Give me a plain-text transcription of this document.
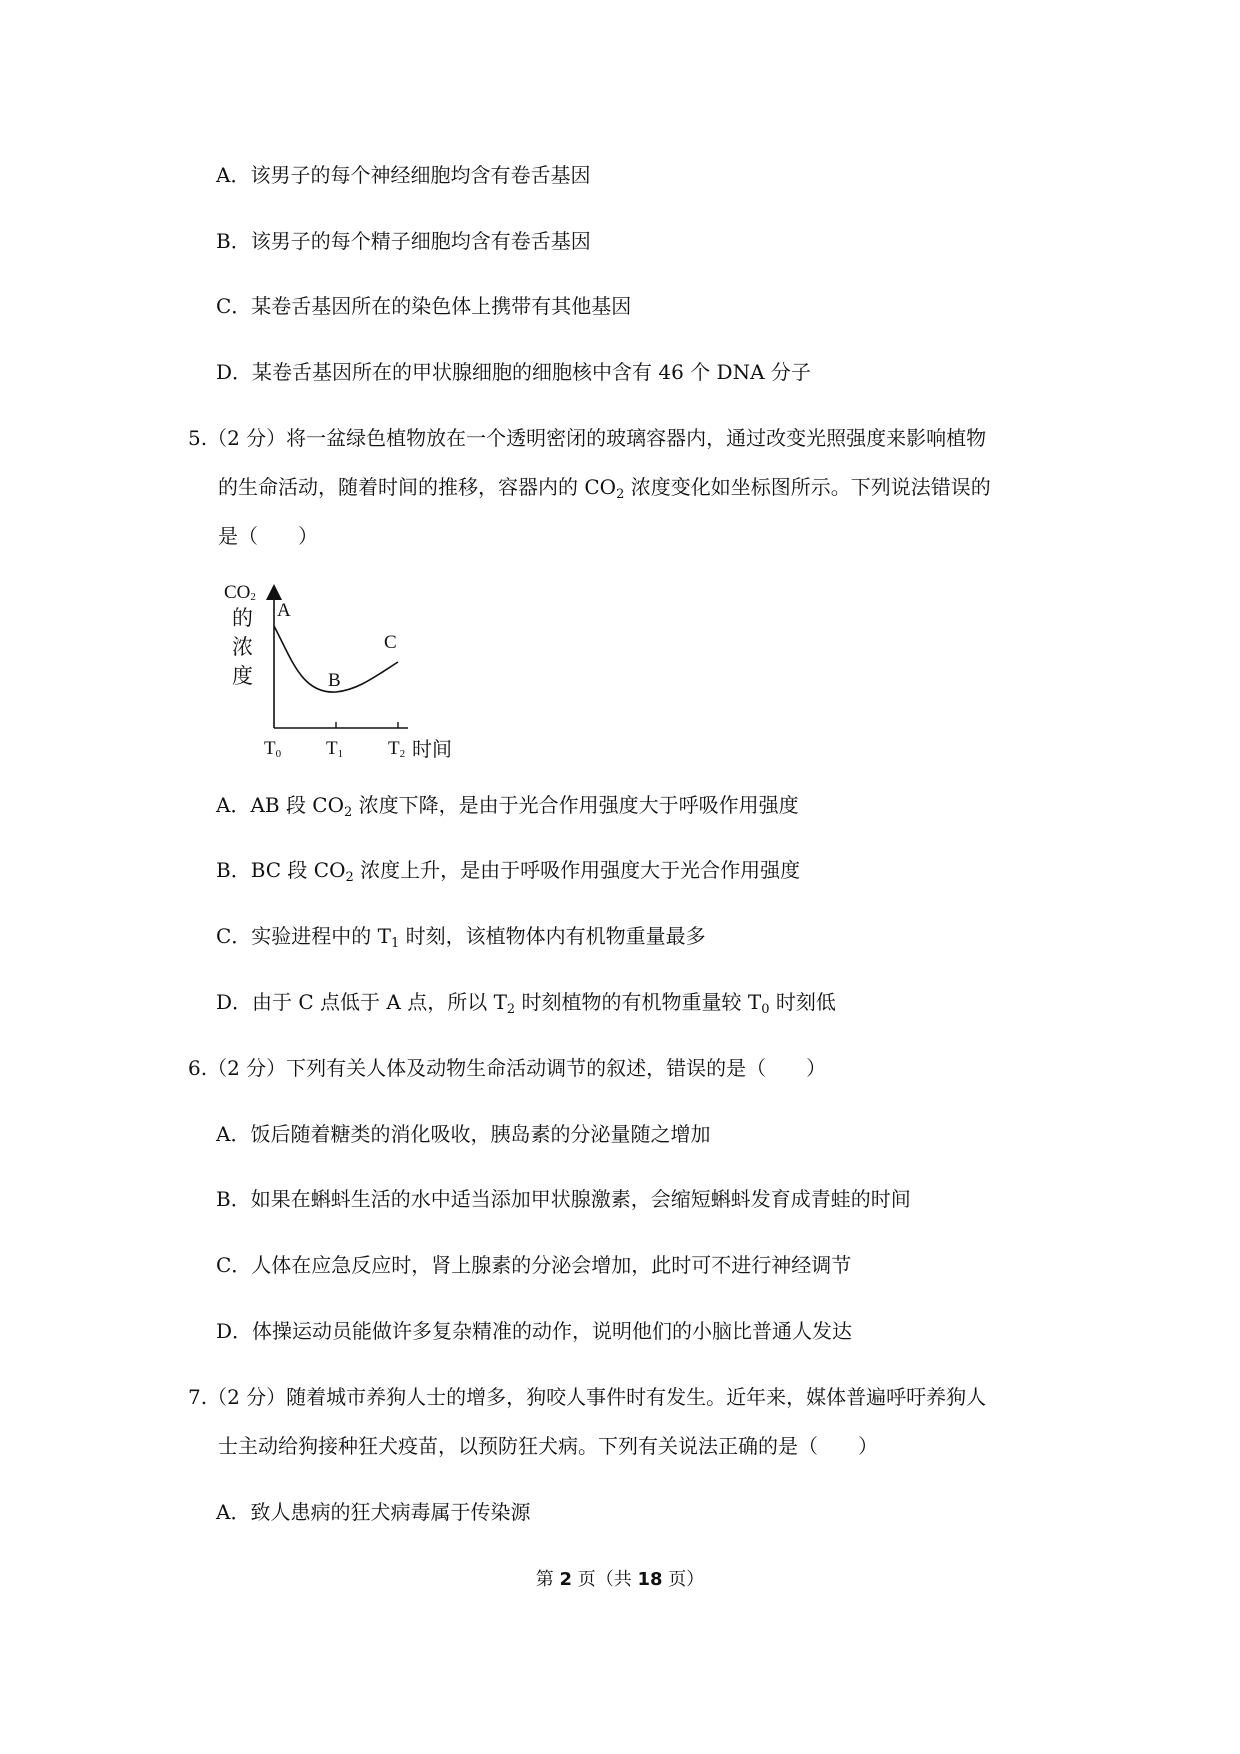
A．该男子的每个神经细胞均含有卷舌基因

B．该男子的每个精子细胞均含有卷舌基因

C．某卷舌基因所在的染色体上携带有其他基因

D．某卷舌基因所在的甲状腺细胞的细胞核中含有 46 个 DNA 分子

5.（2 分）将一盆绿色植物放在一个透明密闭的玻璃容器内，通过改变光照强度来影响植物

的生命活动，随着时间的推移，容器内的 $CO_2$ 浓度变化如坐标图所示。下列说法错误的

是（　　）

CO2
的
浓
度
A
B
C
T0 T1 T2 时间

A．AB 段 $CO_2$ 浓度下降，是由于光合作用强度大于呼吸作用强度

B．BC 段 $CO_2$ 浓度上升，是由于呼吸作用强度大于光合作用强度

C．实验进程中的 $T_1$ 时刻，该植物体内有机物重量最多

D．由于 C 点低于 A 点，所以 $T_2$ 时刻植物的有机物重量较 $T_0$ 时刻低

6.（2 分）下列有关人体及动物生命活动调节的叙述，错误的是（　　）

A．饭后随着糖类的消化吸收，胰岛素的分泌量随之增加

B．如果在蝌蚪生活的水中适当添加甲状腺激素，会缩短蝌蚪发育成青蛙的时间

C．人体在应急反应时，肾上腺素的分泌会增加，此时可不进行神经调节

D．体操运动员能做许多复杂精准的动作，说明他们的小脑比普通人发达

7.（2 分）随着城市养狗人士的增多，狗咬人事件时有发生。近年来，媒体普遍呼吁养狗人

士主动给狗接种狂犬疫苗，以预防狂犬病。下列有关说法正确的是（　　）

A．致人患病的狂犬病毒属于传染源

第 2 页（共 18 页）
